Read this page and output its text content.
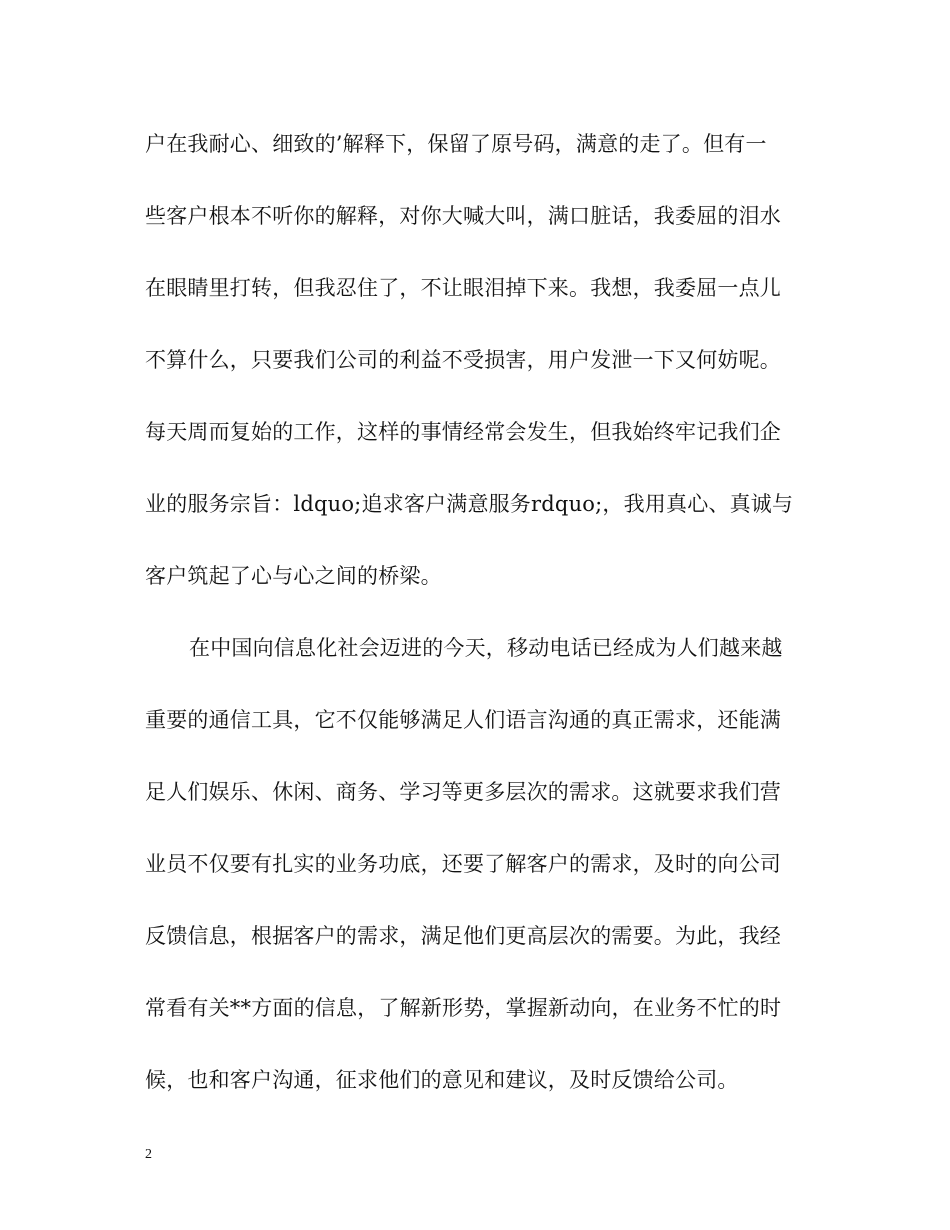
户在我耐心、细致的’解释下，保留了原号码，满意的走了。但有一
些客户根本不听你的解释，对你大喊大叫，满口脏话，我委屈的泪水
在眼睛里打转，但我忍住了，不让眼泪掉下来。我想，我委屈一点儿
不算什么，只要我们公司的利益不受损害，用户发泄一下又何妨呢。
每天周而复始的工作，这样的事情经常会发生，但我始终牢记我们企
业的服务宗旨：ldquo;追求客户满意服务rdquo;，我用真心、真诚与
客户筑起了心与心之间的桥梁。
在中国向信息化社会迈进的今天，移动电话已经成为人们越来越
重要的通信工具，它不仅能够满足人们语言沟通的真正需求，还能满
足人们娱乐、休闲、商务、学习等更多层次的需求。这就要求我们营
业员不仅要有扎实的业务功底，还要了解客户的需求，及时的向公司
反馈信息，根据客户的需求，满足他们更高层次的需要。为此，我经
常看有关**方面的信息，了解新形势，掌握新动向，在业务不忙的时
候，也和客户沟通，征求他们的意见和建议，及时反馈给公司。
2
